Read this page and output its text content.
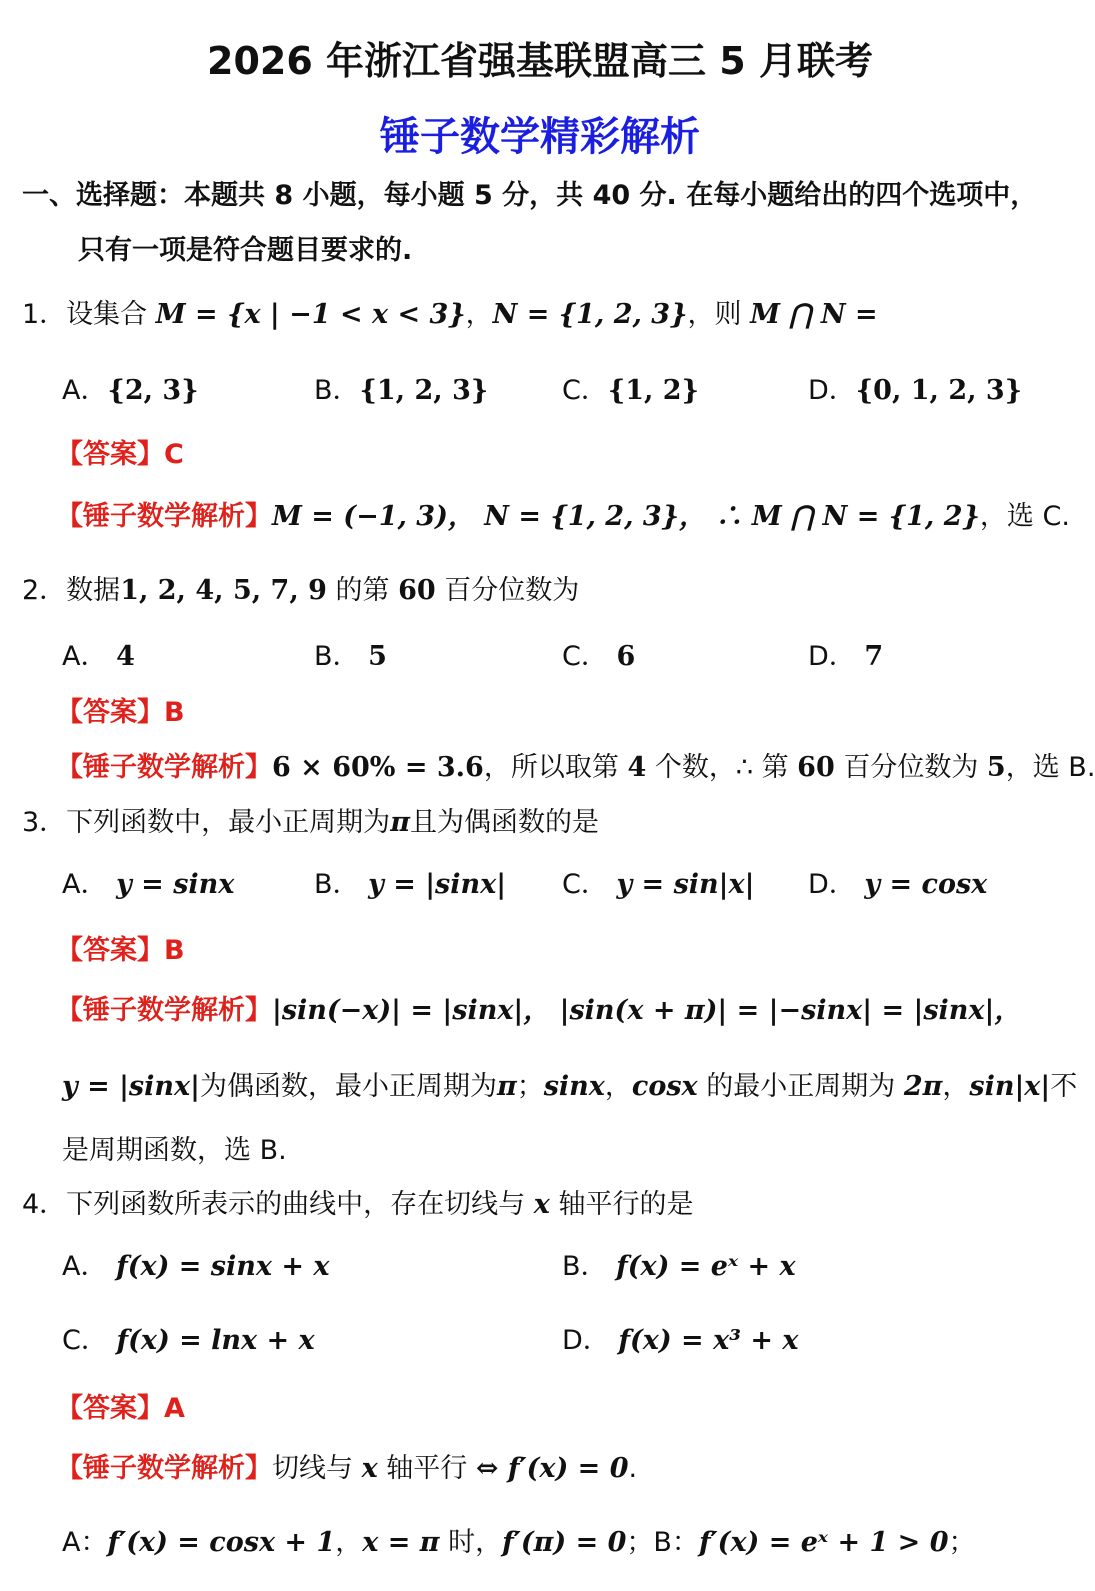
2026 年浙江省强基联盟高三 5 月联考
锤子数学精彩解析
一、选择题：本题共 8 小题，每小题 5 分，共 40 分. 在每小题给出的四个选项中，
只有一项是符合题目要求的.
1．设集合 M = {x | −1 < x < 3}，N = {1, 2, 3}，则 M ⋂ N =
A．{2, 3}	B．{1, 2, 3}	C．{1, 2}	D．{0, 1, 2, 3}
【答案】C
【锤子数学解析】M = (−1, 3)， N = {1, 2, 3}， ∴ M ⋂ N = {1, 2}，选 C.
2．数据1, 2, 4, 5, 7, 9 的第 60 百分位数为
A． 4	B． 5	C． 6	D． 7
【答案】B
【锤子数学解析】6 × 60% = 3.6，所以取第 4 个数，∴ 第 60 百分位数为 5，选 B.
3．下列函数中，最小正周期为π且为偶函数的是
A． y = sinx	B． y = |sinx| C． y = sin|x| D． y = cosx
【答案】B
【锤子数学解析】|sin(−x)| = |sinx|， |sin(x + π)| = |−sinx| = |sinx|，
y = |sinx|为偶函数，最小正周期为π；sinx，cosx 的最小正周期为 2π，sin|x|不
是周期函数，选 B.
4．下列函数所表示的曲线中，存在切线与 x 轴平行的是
A． f(x) = sinx + x	B． f(x) = eˣ + x
C． f(x) = lnx + x	D． f(x) = x³ + x
【答案】A
【锤子数学解析】切线与 x 轴平行 ⇔ f′(x) = 0.
A：f′(x) = cosx + 1，x = π 时，f′(π) = 0；B：f′(x) = eˣ + 1 > 0；
